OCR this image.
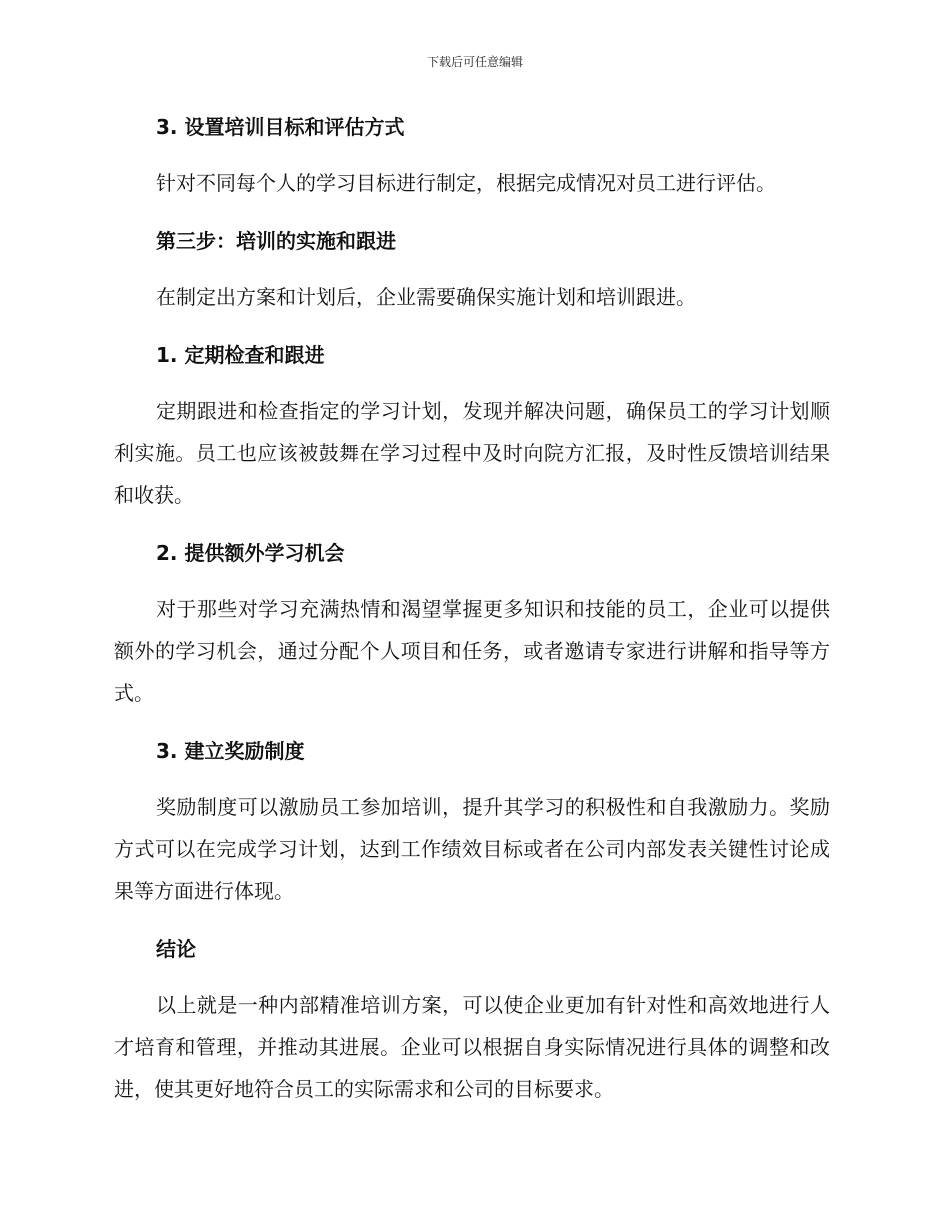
下载后可任意编辑
3. 设置培训目标和评估方式

针对不同每个人的学习目标进行制定，根据完成情况对员工进行评估。

第三步：培训的实施和跟进

在制定出方案和计划后，企业需要确保实施计划和培训跟进。

1. 定期检查和跟进

定期跟进和检查指定的学习计划，发现并解决问题，确保员工的学习计划顺利实施。员工也应该被鼓舞在学习过程中及时向院方汇报，及时性反馈培训结果和收获。

2. 提供额外学习机会

对于那些对学习充满热情和渴望掌握更多知识和技能的员工，企业可以提供额外的学习机会，通过分配个人项目和任务，或者邀请专家进行讲解和指导等方式。

3. 建立奖励制度

奖励制度可以激励员工参加培训，提升其学习的积极性和自我激励力。奖励方式可以在完成学习计划，达到工作绩效目标或者在公司内部发表关键性讨论成果等方面进行体现。

结论

以上就是一种内部精准培训方案，可以使企业更加有针对性和高效地进行人才培育和管理，并推动其进展。企业可以根据自身实际情况进行具体的调整和改进，使其更好地符合员工的实际需求和公司的目标要求。
